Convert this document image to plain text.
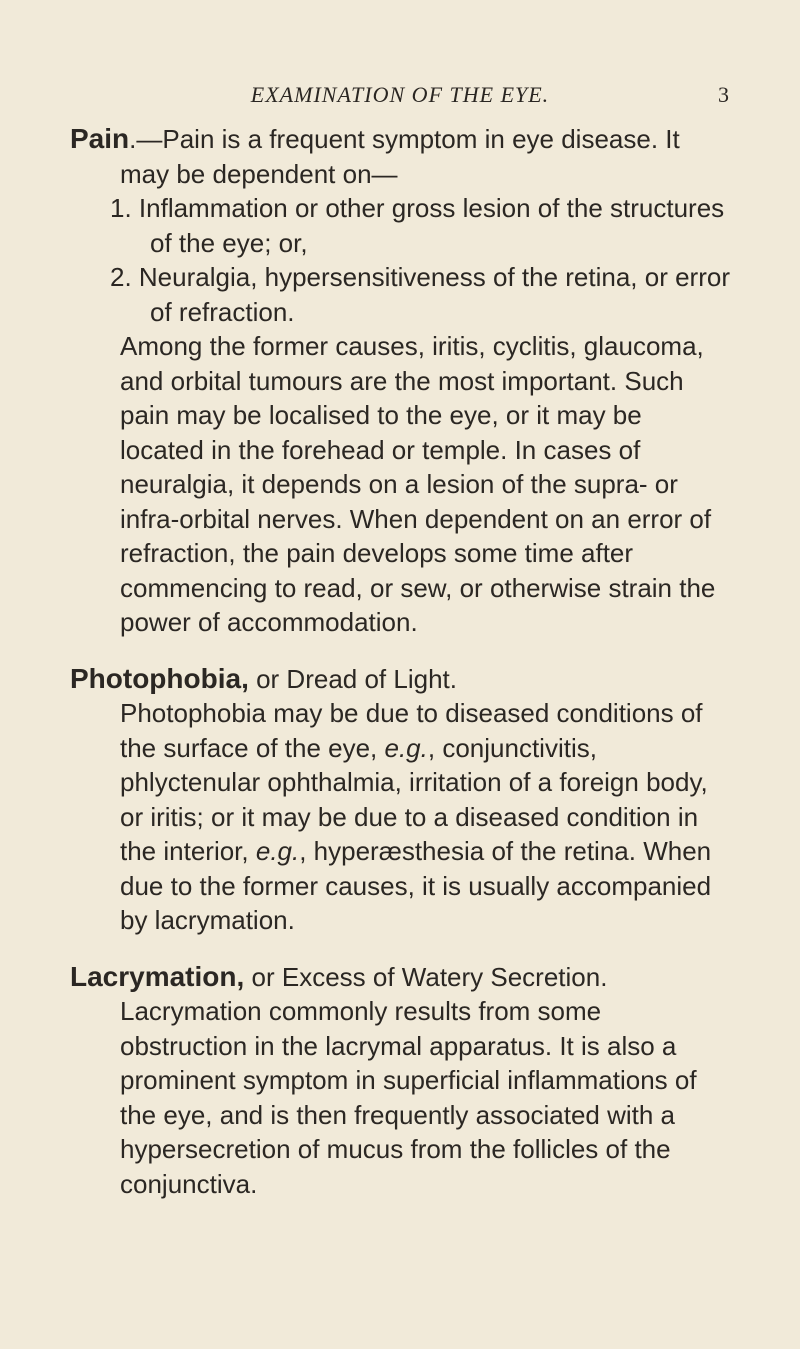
EXAMINATION OF THE EYE.	3

Pain.—Pain is a frequent symptom in eye disease. It may be dependent on—

1. Inflammation or other gross lesion of the structures of the eye; or,

2. Neuralgia, hypersensitiveness of the retina, or error of refraction.

Among the former causes, iritis, cyclitis, glaucoma, and orbital tumours are the most important. Such pain may be localised to the eye, or it may be located in the forehead or temple. In cases of neuralgia, it depends on a lesion of the supra- or infra-orbital nerves. When dependent on an error of refraction, the pain develops some time after commencing to read, or sew, or otherwise strain the power of accommodation.

Photophobia, or Dread of Light.

Photophobia may be due to diseased conditions of the surface of the eye, e.g., conjunctivitis, phlyctenular ophthalmia, irritation of a foreign body, or iritis; or it may be due to a diseased condition in the interior, e.g., hyperæsthesia of the retina. When due to the former causes, it is usually accompanied by lacrymation.

Lacrymation, or Excess of Watery Secretion.

Lacrymation commonly results from some obstruction in the lacrymal apparatus. It is also a prominent symptom in superficial inflammations of the eye, and is then frequently associated with a hypersecretion of mucus from the follicles of the conjunctiva.
